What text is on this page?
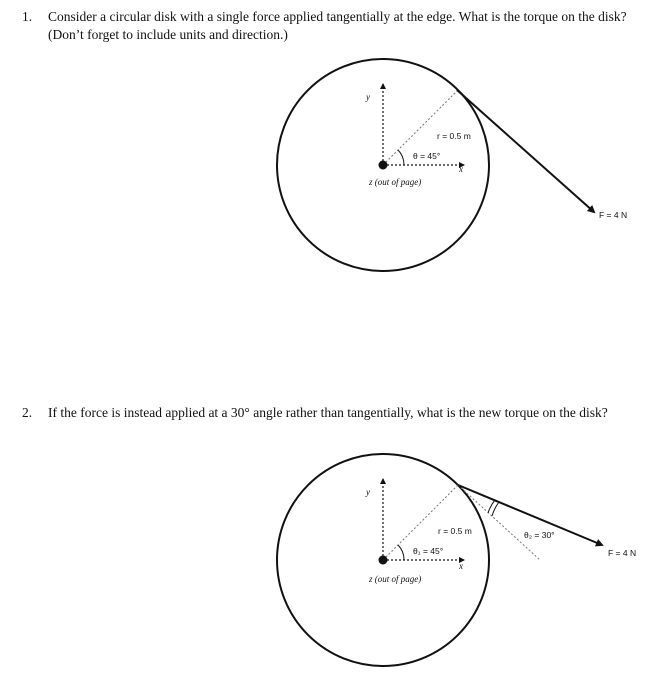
1. Consider a circular disk with a single force applied tangentially at the edge. What is the torque on the disk? (Don’t forget to include units and direction.)
2. If the force is instead applied at a 30° angle rather than tangentially, what is the new torque on the disk?
y
x
r = 0.5 m
θ = 45°
z (out of page)
F = 4 N
y
x
r = 0.5 m
θ₁ = 45°
z (out of page)
θ₂ = 30°
F = 4 N
